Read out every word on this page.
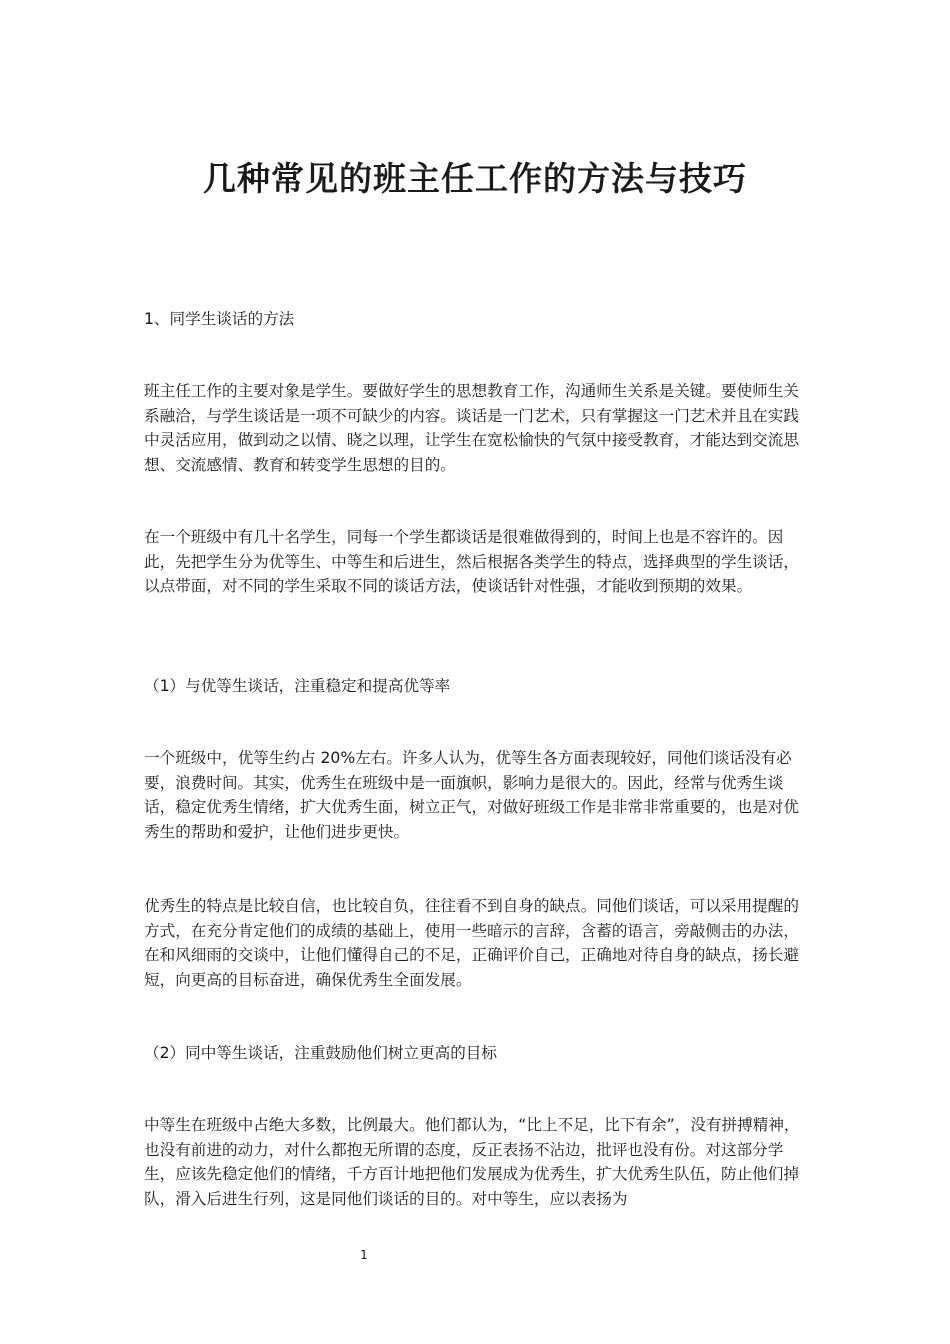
几种常见的班主任工作的方法与技巧

1、同学生谈话的方法

班主任工作的主要对象是学生。要做好学生的思想教育工作，沟通师生关系是关键。要使师生关系融洽，与学生谈话是一项不可缺少的内容。谈话是一门艺术，只有掌握这一门艺术并且在实践中灵活应用，做到动之以情、晓之以理，让学生在宽松愉快的气氛中接受教育，才能达到交流思想、交流感情、教育和转变学生思想的目的。

在一个班级中有几十名学生，同每一个学生都谈话是很难做得到的，时间上也是不容许的。因此，先把学生分为优等生、中等生和后进生，然后根据各类学生的特点，选择典型的学生谈话，以点带面，对不同的学生采取不同的谈话方法，使谈话针对性强，才能收到预期的效果。

（1）与优等生谈话，注重稳定和提高优等率

一个班级中，优等生约占 20%左右。许多人认为，优等生各方面表现较好，同他们谈话没有必要，浪费时间。其实，优秀生在班级中是一面旗帜，影响力是很大的。因此，经常与优秀生谈话，稳定优秀生情绪，扩大优秀生面，树立正气，对做好班级工作是非常非常重要的，也是对优秀生的帮助和爱护，让他们进步更快。

优秀生的特点是比较自信，也比较自负，往往看不到自身的缺点。同他们谈话，可以采用提醒的方式，在充分肯定他们的成绩的基础上，使用一些暗示的言辞，含蓄的语言，旁敲侧击的办法，在和风细雨的交谈中，让他们懂得自己的不足，正确评价自己，正确地对待自身的缺点，扬长避短，向更高的目标奋进，确保优秀生全面发展。

（2）同中等生谈话，注重鼓励他们树立更高的目标

中等生在班级中占绝大多数，比例最大。他们都认为，“比上不足，比下有余”，没有拼搏精神，也没有前进的动力，对什么都抱无所谓的态度，反正表扬不沾边，批评也没有份。对这部分学生，应该先稳定他们的情绪，千方百计地把他们发展成为优秀生，扩大优秀生队伍，防止他们掉队，滑入后进生行列，这是同他们谈话的目的。对中等生，应以表扬为

1
